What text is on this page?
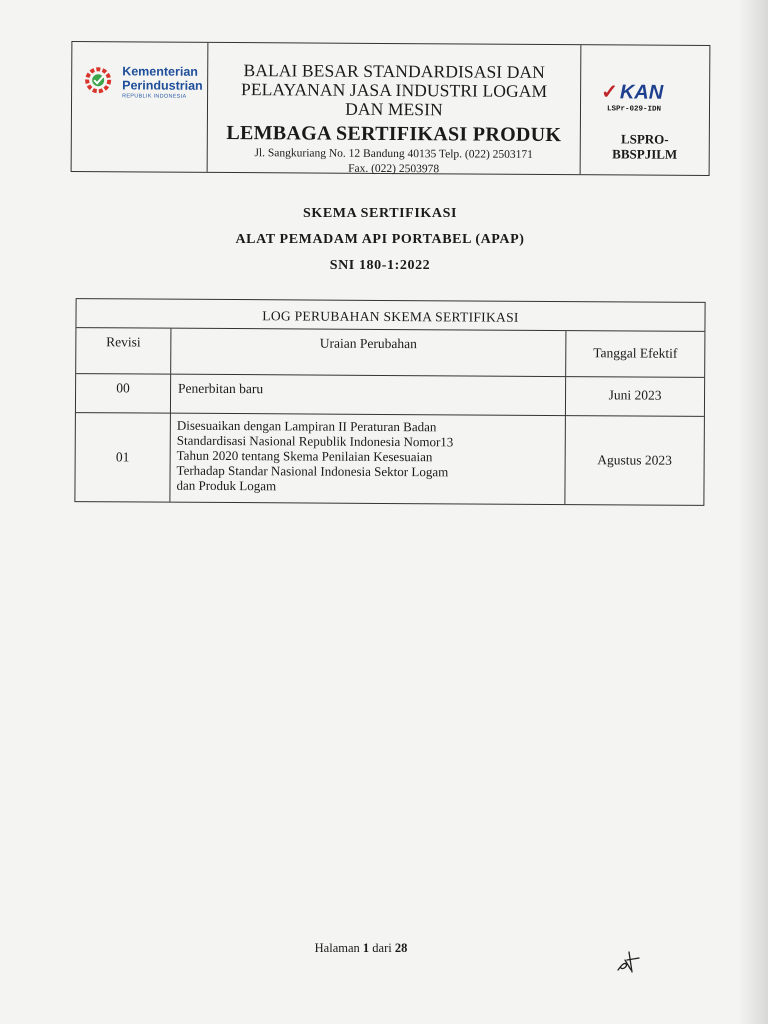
Kementerian
Perindustrian
REPUBLIK INDONESIA
BALAI BESAR STANDARDISASI DAN
PELAYANAN JASA INDUSTRI LOGAM
DAN MESIN
LEMBAGA SERTIFIKASI PRODUK
Jl. Sangkuriang No. 12 Bandung 40135 Telp. (022) 2503171
Fax. (022) 2503978
✓KAN
LSPr-029-IDN
LSPRO-
BBSPJILM
SKEMA SERTIFIKASI
ALAT PEMADAM API PORTABEL (APAP)
SNI 180-1:2022
LOG PERUBAHAN SKEMA SERTIFIKASI
Revisi	Uraian Perubahan	Tanggal Efektif
00	Penerbitan baru	Juni 2023
01	Disesuaikan dengan Lampiran II Peraturan Badan
Standardisasi Nasional Republik Indonesia Nomor13
Tahun 2020 tentang Skema Penilaian Kesesuaian
Terhadap Standar Nasional Indonesia Sektor Logam
dan Produk Logam	Agustus 2023
Halaman 1 dari 28
